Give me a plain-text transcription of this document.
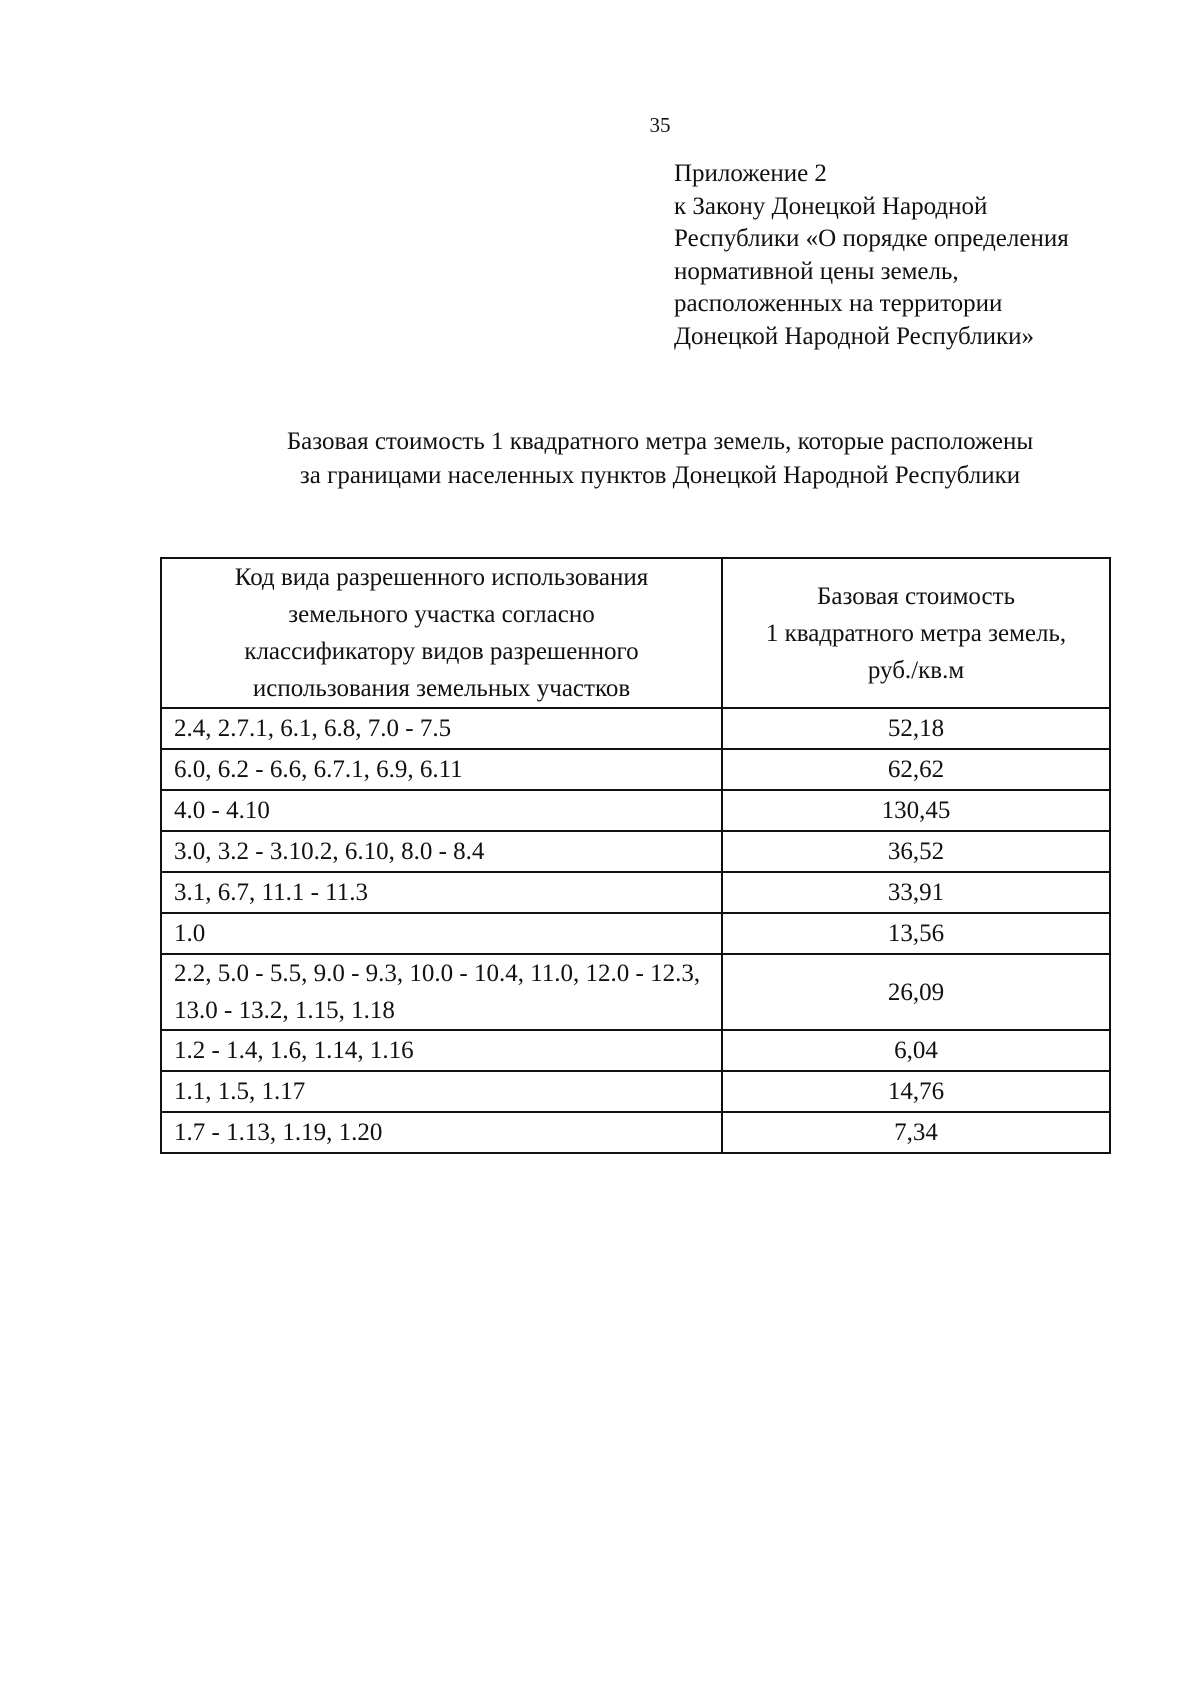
35
Приложение 2
к Закону Донецкой Народной
Республики «О порядке определения
нормативной цены земель,
расположенных на территории
Донецкой Народной Республики»
Базовая стоимость 1 квадратного метра земель, которые расположены
за границами населенных пунктов Донецкой Народной Республики
Код вида разрешенного использования
земельного участка согласно
классификатору видов разрешенного
использования земельных участков	Базовая стоимость
1 квадратного метра земель,
руб./кв.м

2.4, 2.7.1, 6.1, 6.8, 7.0 - 7.5	52,18
6.0, 6.2 - 6.6, 6.7.1, 6.9, 6.11	62,62
4.0 - 4.10	130,45
3.0, 3.2 - 3.10.2, 6.10, 8.0 - 8.4	36,52
3.1, 6.7, 11.1 - 11.3	33,91
1.0	13,56
2.2, 5.0 - 5.5, 9.0 - 9.3, 10.0 - 10.4, 11.0, 12.0 - 12.3, 13.0 - 13.2, 1.15, 1.18	26,09
1.2 - 1.4, 1.6, 1.14, 1.16	6,04
1.1, 1.5, 1.17	14,76
1.7 - 1.13, 1.19, 1.20	7,34
